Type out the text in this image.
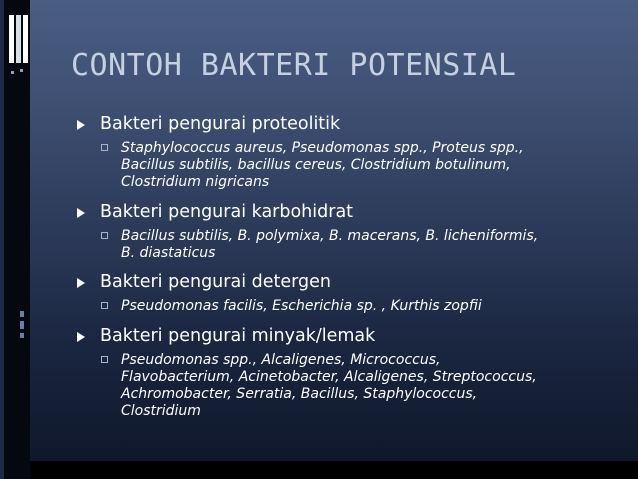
CONTOH BAKTERI POTENSIAL
Bakteri pengurai proteolitik
Staphylococcus aureus, Pseudomonas spp., Proteus spp.,
Bacillus subtilis, bacillus cereus, Clostridium botulinum,
Clostridium nigricans
Bakteri pengurai karbohidrat
Bacillus subtilis, B. polymixa, B. macerans, B. licheniformis,
B. diastaticus
Bakteri pengurai detergen
Pseudomonas facilis, Escherichia sp. , Kurthis zopfii
Bakteri pengurai minyak/lemak
Pseudomonas spp., Alcaligenes, Micrococcus,
Flavobacterium, Acinetobacter, Alcaligenes, Streptococcus,
Achromobacter, Serratia, Bacillus, Staphylococcus,
Clostridium
